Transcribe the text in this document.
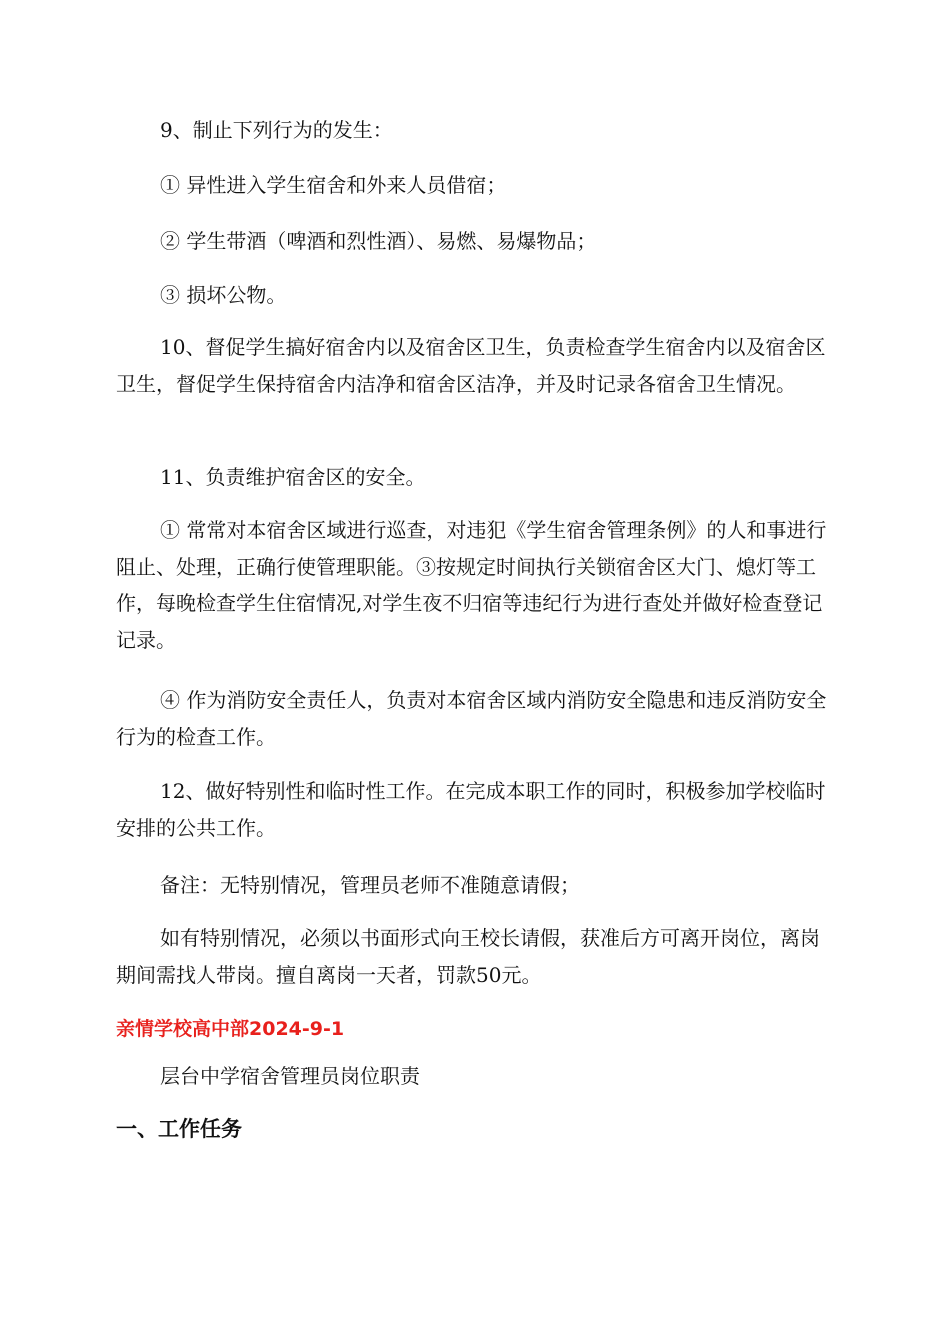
9、制止下列行为的发生：

① 异性进入学生宿舍和外来人员借宿；

② 学生带酒（啤酒和烈性酒）、易燃、易爆物品；

③ 损坏公物。

10、督促学生搞好宿舍内以及宿舍区卫生，负责检查学生宿舍内以及宿舍区卫生，督促学生保持宿舍内洁净和宿舍区洁净，并及时记录各宿舍卫生情况。

11、负责维护宿舍区的安全。

① 常常对本宿舍区域进行巡查，对违犯《学生宿舍管理条例》的人和事进行阻止、处理，正确行使管理职能。③按规定时间执行关锁宿舍区大门、熄灯等工作，每晚检查学生住宿情况,对学生夜不归宿等违纪行为进行查处并做好检查登记记录。

④ 作为消防安全责任人，负责对本宿舍区域内消防安全隐患和违反消防安全行为的检查工作。

12、做好特别性和临时性工作。在完成本职工作的同时，积极参加学校临时安排的公共工作。

备注：无特别情况，管理员老师不准随意请假；

如有特别情况，必须以书面形式向王校长请假，获准后方可离开岗位，离岗期间需找人带岗。擅自离岗一天者，罚款50元。

亲情学校高中部2024-9-1

层台中学宿舍管理员岗位职责

一、工作任务
